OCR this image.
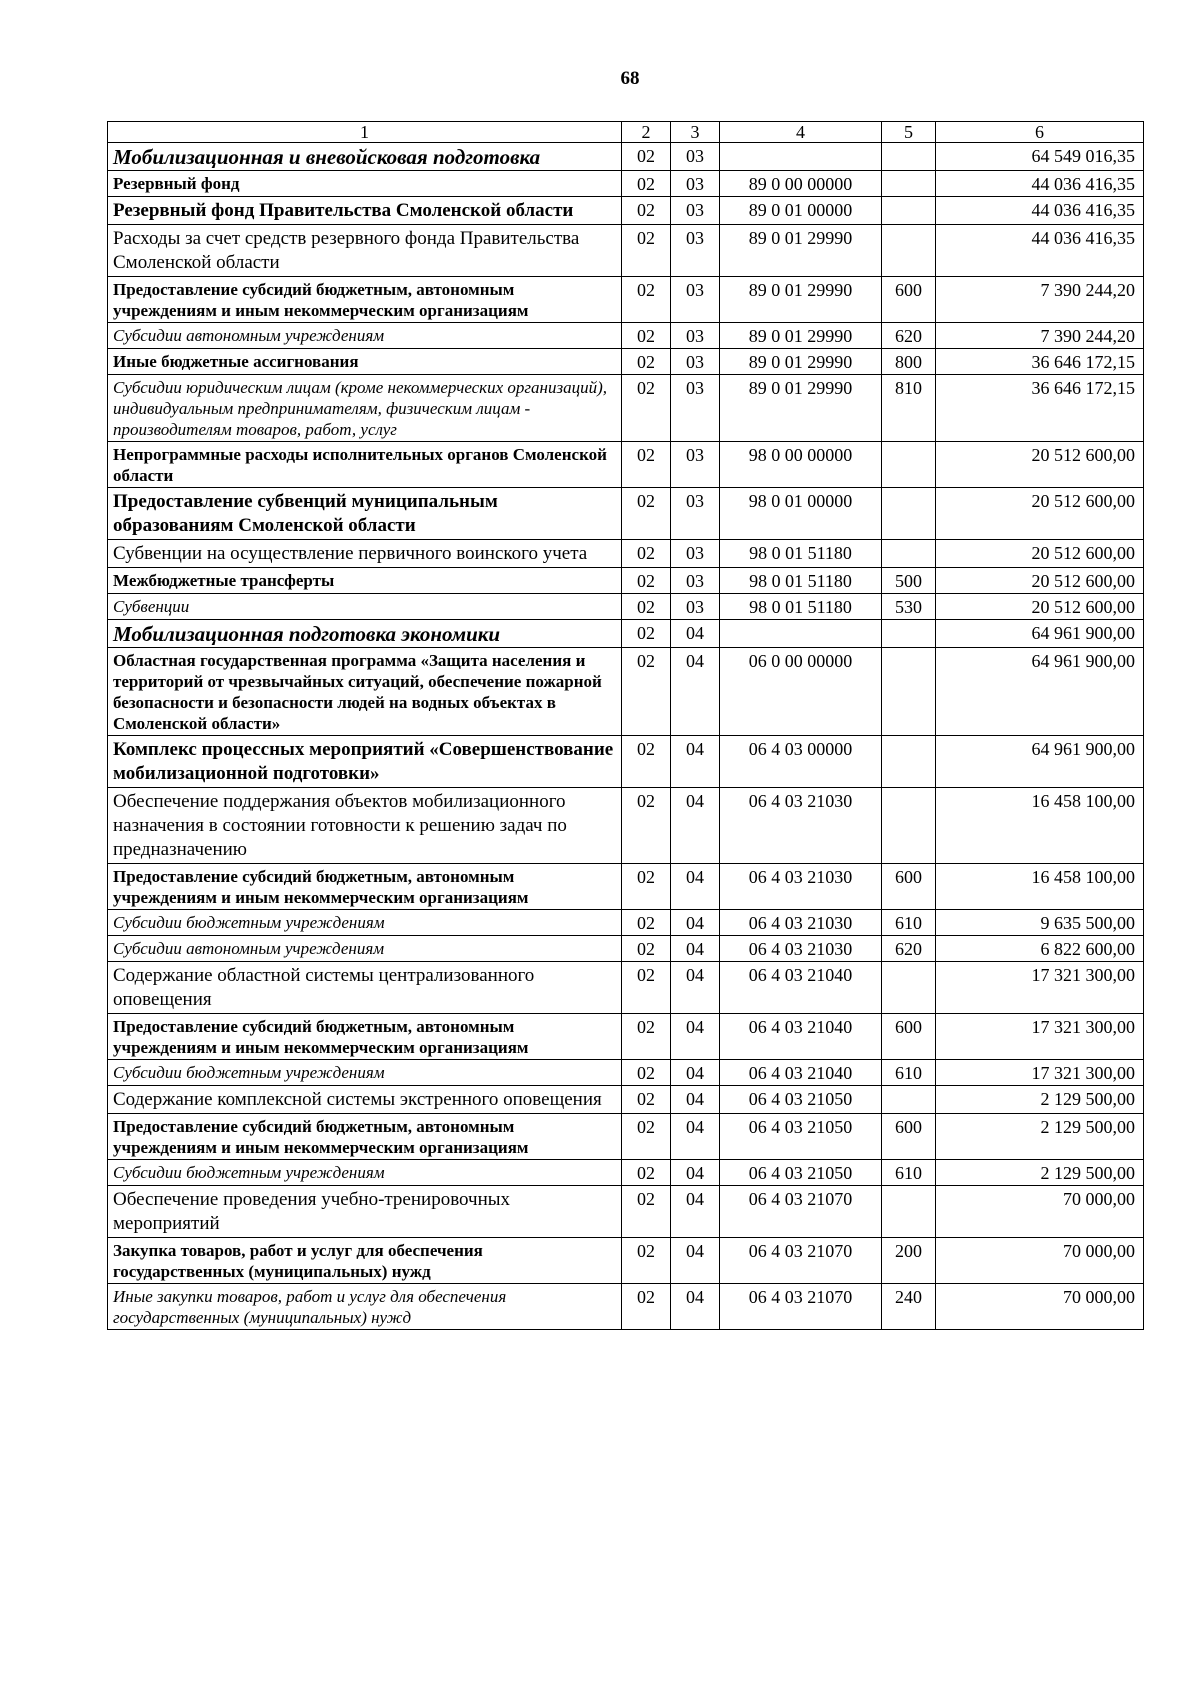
68
1	2	3	4	5	6
Мобилизационная и вневойсковая подготовка	02	03			64 549 016,35
Резервный фонд	02	03	89 0 00 00000		44 036 416,35
Резервный фонд Правительства Смоленской области	02	03	89 0 01 00000		44 036 416,35
Расходы за счет средств резервного фонда Правительства Смоленской области	02	03	89 0 01 29990		44 036 416,35
Предоставление субсидий бюджетным, автономным учреждениям и иным некоммерческим организациям	02	03	89 0 01 29990	600	7 390 244,20
Субсидии автономным учреждениям	02	03	89 0 01 29990	620	7 390 244,20
Иные бюджетные ассигнования	02	03	89 0 01 29990	800	36 646 172,15
Субсидии юридическим лицам (кроме некоммерческих организаций), индивидуальным предпринимателям, физическим лицам - производителям товаров, работ, услуг	02	03	89 0 01 29990	810	36 646 172,15
Непрограммные расходы исполнительных органов Смоленской области	02	03	98 0 00 00000		20 512 600,00
Предоставление субвенций муниципальным образованиям Смоленской области	02	03	98 0 01 00000		20 512 600,00
Субвенции на осуществление первичного воинского учета	02	03	98 0 01 51180		20 512 600,00
Межбюджетные трансферты	02	03	98 0 01 51180	500	20 512 600,00
Субвенции	02	03	98 0 01 51180	530	20 512 600,00
Мобилизационная подготовка экономики	02	04			64 961 900,00
Областная государственная программа «Защита населения и территорий от чрезвычайных ситуаций, обеспечение пожарной безопасности и безопасности людей на водных объектах в Смоленской области»	02	04	06 0 00 00000		64 961 900,00
Комплекс процессных мероприятий «Совершенствование мобилизационной подготовки»	02	04	06 4 03 00000		64 961 900,00
Обеспечение поддержания объектов мобилизационного назначения в состоянии готовности к решению задач по предназначению	02	04	06 4 03 21030		16 458 100,00
Предоставление субсидий бюджетным, автономным учреждениям и иным некоммерческим организациям	02	04	06 4 03 21030	600	16 458 100,00
Субсидии бюджетным учреждениям	02	04	06 4 03 21030	610	9 635 500,00
Субсидии автономным учреждениям	02	04	06 4 03 21030	620	6 822 600,00
Содержание областной системы централизованного оповещения	02	04	06 4 03 21040		17 321 300,00
Предоставление субсидий бюджетным, автономным учреждениям и иным некоммерческим организациям	02	04	06 4 03 21040	600	17 321 300,00
Субсидии бюджетным учреждениям	02	04	06 4 03 21040	610	17 321 300,00
Содержание комплексной системы экстренного оповещения	02	04	06 4 03 21050		2 129 500,00
Предоставление субсидий бюджетным, автономным учреждениям и иным некоммерческим организациям	02	04	06 4 03 21050	600	2 129 500,00
Субсидии бюджетным учреждениям	02	04	06 4 03 21050	610	2 129 500,00
Обеспечение проведения учебно-тренировочных мероприятий	02	04	06 4 03 21070		70 000,00
Закупка товаров, работ и услуг для обеспечения государственных (муниципальных) нужд	02	04	06 4 03 21070	200	70 000,00
Иные закупки товаров, работ и услуг для обеспечения государственных (муниципальных) нужд	02	04	06 4 03 21070	240	70 000,00
